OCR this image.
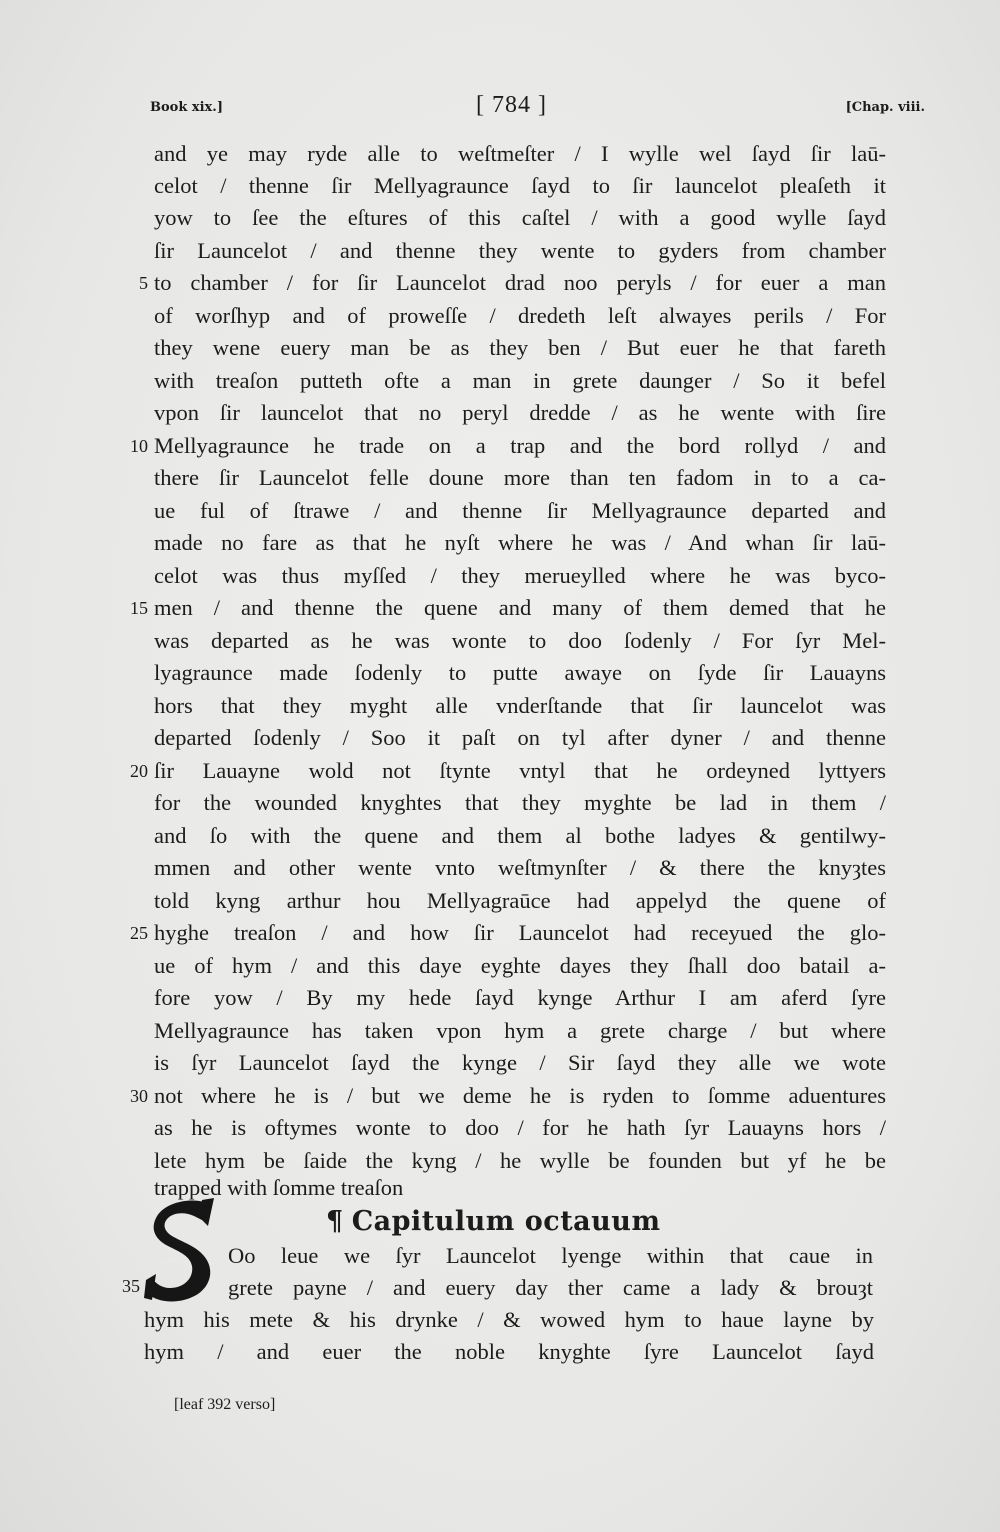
Book xix.]	[ 784 ]	[Chap. viii.
and ye may ryde alle to weſtmeſter / I wylle wel ſayd ſir laū-
celot / thenne ſir Mellyagraunce ſayd to ſir launcelot pleaſeth it
yow to ſee the eſtures of this caſtel / with a good wylle ſayd
ſir Launcelot / and thenne they wente to gyders from chamber
to chamber / for ſir Launcelot drad noo peryls / for euer a man
of worſhyp and of proweſſe / dredeth leſt alwayes perils / For
they wene euery man be as they ben / But euer he that fareth
with treaſon putteth ofte a man in grete daunger / So it befel
vpon ſir launcelot that no peryl dredde / as he wente with ſire
Mellyagraunce he trade on a trap and the bord rollyd / and
there ſir Launcelot felle doune more than ten fadom in to a ca-
ue ful of ſtrawe / and thenne ſir Mellyagraunce departed and
made no fare as that he nyſt where he was / And whan ſir laū-
celot was thus myſſed / they merueylled where he was byco-
men / and thenne the quene and many of them demed that he
was departed as he was wonte to doo ſodenly / For ſyr Mel-
lyagraunce made ſodenly to putte awaye on ſyde ſir Lauayns
hors that they myght alle vnderſtande that ſir launcelot was
departed ſodenly / Soo it paſt on tyl after dyner / and thenne
ſir Lauayne wold not ſtynte vntyl that he ordeyned lyttyers
for the wounded knyghtes that they myghte be lad in them /
and ſo with the quene and them al bothe ladyes & gentilwy-
mmen and other wente vnto weſtmynſter / & there the knyȝtes
told kyng arthur hou Mellyagraūce had appelyd the quene of
hyghe treaſon / and how ſir Launcelot had receyued the glo-
ue of hym / and this daye eyghte dayes they ſhall doo batail a-
fore yow / By my hede ſayd kynge Arthur I am aferd ſyre
Mellyagraunce has taken vpon hym a grete charge / but where
is ſyr Launcelot ſayd the kynge / Sir ſayd they alle we wote
not where he is / but we deme he is ryden to ſomme aduentures
as he is oftymes wonte to doo / for he hath ſyr Lauayns hors /
lete hym be ſaide the kyng / he wylle be founden but yf he be
trapped with ſomme treaſon
5
10
15
20
25
30
35
¶ Capitulum octauum
Oo leue we ſyr Launcelot lyenge within that caue in
grete payne / and euery day ther came a lady & brouȝt
hym his mete & his drynke / & wowed hym to haue layne by
hym / and euer the noble knyghte ſyre Launcelot ſayd
[leaf 392 verso]
